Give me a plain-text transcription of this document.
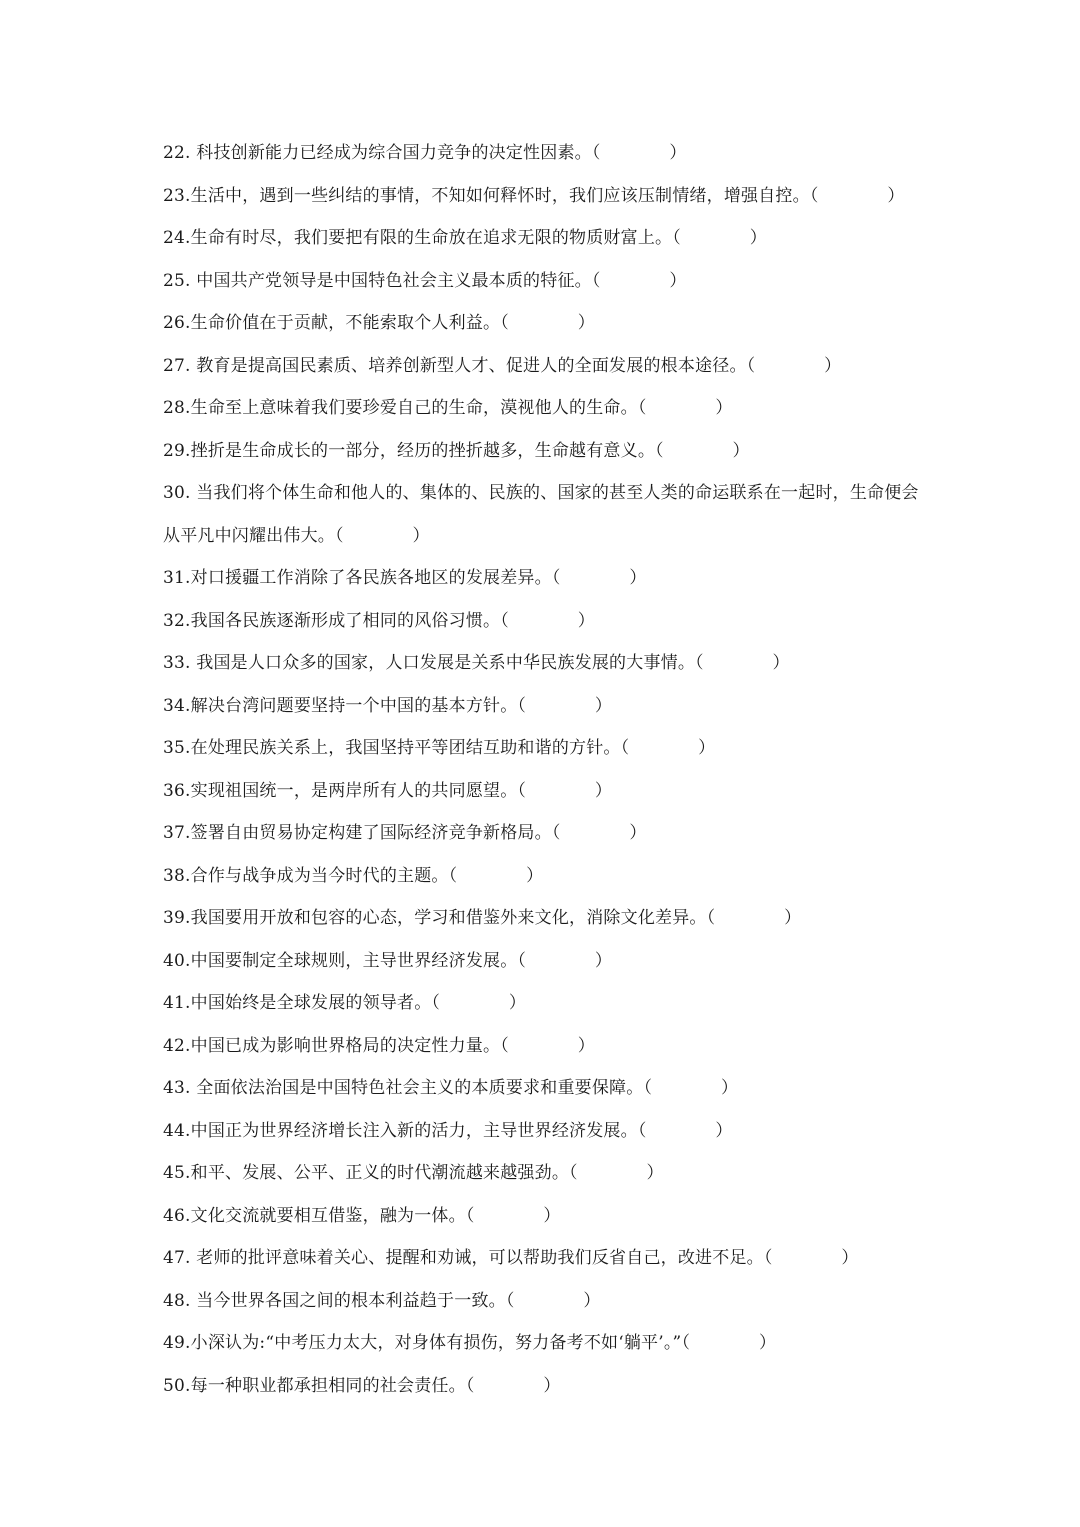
22. 科技创新能力已经成为综合国力竞争的决定性因素。（　　　　）
23.生活中，遇到一些纠结的事情，不知如何释怀时，我们应该压制情绪，增强自控。（　　　　）
24.生命有时尽，我们要把有限的生命放在追求无限的物质财富上。（　　　　）
25. 中国共产党领导是中国特色社会主义最本质的特征。（　　　　）
26.生命价值在于贡献，不能索取个人利益。（　　　　）
27. 教育是提高国民素质、培养创新型人才、促进人的全面发展的根本途径。（　　　　）
28.生命至上意味着我们要珍爱自己的生命，漠视他人的生命。（　　　　）
29.挫折是生命成长的一部分，经历的挫折越多，生命越有意义。（　　　　）
30. 当我们将个体生命和他人的、集体的、民族的、国家的甚至人类的命运联系在一起时，生命便会从平凡中闪耀出伟大。（　　　　）
31.对口援疆工作消除了各民族各地区的发展差异。（　　　　）
32.我国各民族逐渐形成了相同的风俗习惯。（　　　　）
33. 我国是人口众多的国家，人口发展是关系中华民族发展的大事情。（　　　　）
34.解决台湾问题要坚持一个中国的基本方针。（　　　　）
35.在处理民族关系上，我国坚持平等团结互助和谐的方针。（　　　　）
36.实现祖国统一，是两岸所有人的共同愿望。（　　　　）
37.签署自由贸易协定构建了国际经济竞争新格局。（　　　　）
38.合作与战争成为当今时代的主题。（　　　　）
39.我国要用开放和包容的心态，学习和借鉴外来文化，消除文化差异。（　　　　）
40.中国要制定全球规则，主导世界经济发展。（　　　　）
41.中国始终是全球发展的领导者。（　　　　）
42.中国已成为影响世界格局的决定性力量。（　　　　）
43. 全面依法治国是中国特色社会主义的本质要求和重要保障。（　　　　）
44.中国正为世界经济增长注入新的活力，主导世界经济发展。（　　　　）
45.和平、发展、公平、正义的时代潮流越来越强劲。（　　　　）
46.文化交流就要相互借鉴，融为一体。（　　　　）
47. 老师的批评意味着关心、提醒和劝诫，可以帮助我们反省自己，改进不足。（　　　　）
48. 当今世界各国之间的根本利益趋于一致。（　　　　）
49.小深认为:“中考压力太大，对身体有损伤，努力备考不如‘躺平’。”（　　　　）
50.每一种职业都承担相同的社会责任。（　　　　）
